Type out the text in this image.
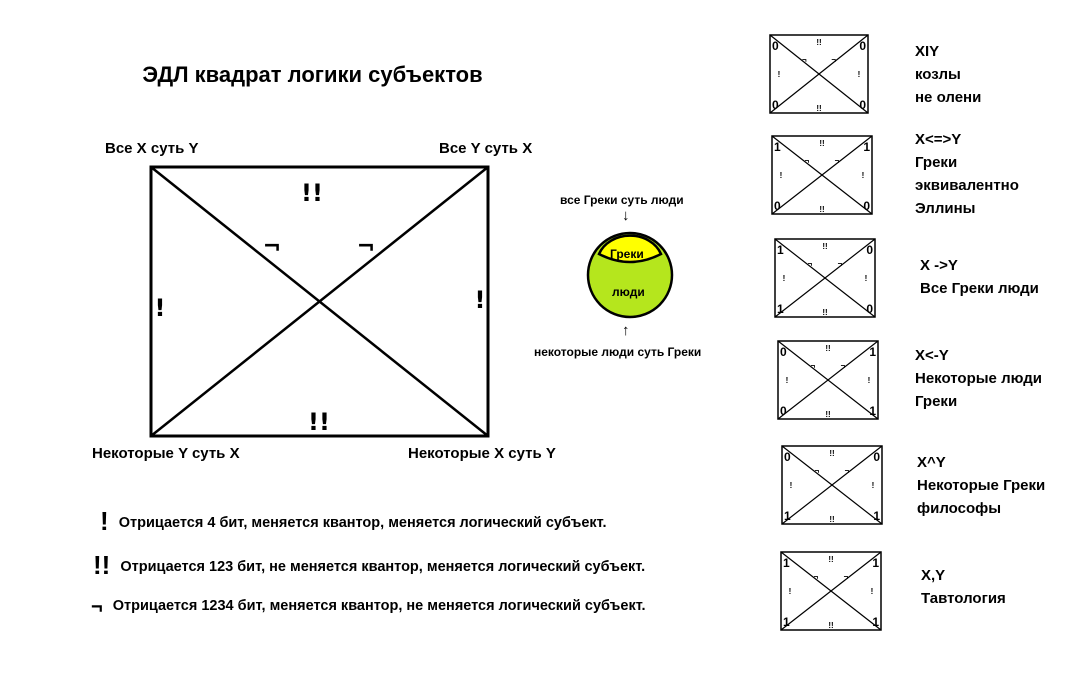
ЭДЛ квадрат логики субъектов
Все X суть Y	Все Y суть X
Некоторые Y суть X	Некоторые X суть Y
!!
!!
!	!
¬	¬
все Греки суть люди
↓
Греки
люди
↑
некоторые люди суть Греки
! Отрицается 4 бит, меняется квантор, меняется логический субъект.
!! Отрицается 123 бит, не меняется квантор, меняется логический субъект.
¬ Отрицается 1234 бит, меняется квантор, не меняется логический субъект.
0	0
0	0
!!
!!
!	!
¬	¬
1	1
0	0
!!
!!
!	!
¬	¬
1	0
1	0
!!
!!
!	!
¬	¬
0	1
0	1
!!
!!
!	!
¬	¬
0	0
1	1
!!
!!
!	!
¬	¬
1	1
1	1
!!
!!
!	!
¬	¬
XIY
козлы
не олени
X<=>Y
Греки
эквивалентно
Эллины
X ->Y
Все Греки люди
X<-Y
Некоторые люди
Греки
X^Y
Некоторые Греки
философы
X,Y
Тавтология
